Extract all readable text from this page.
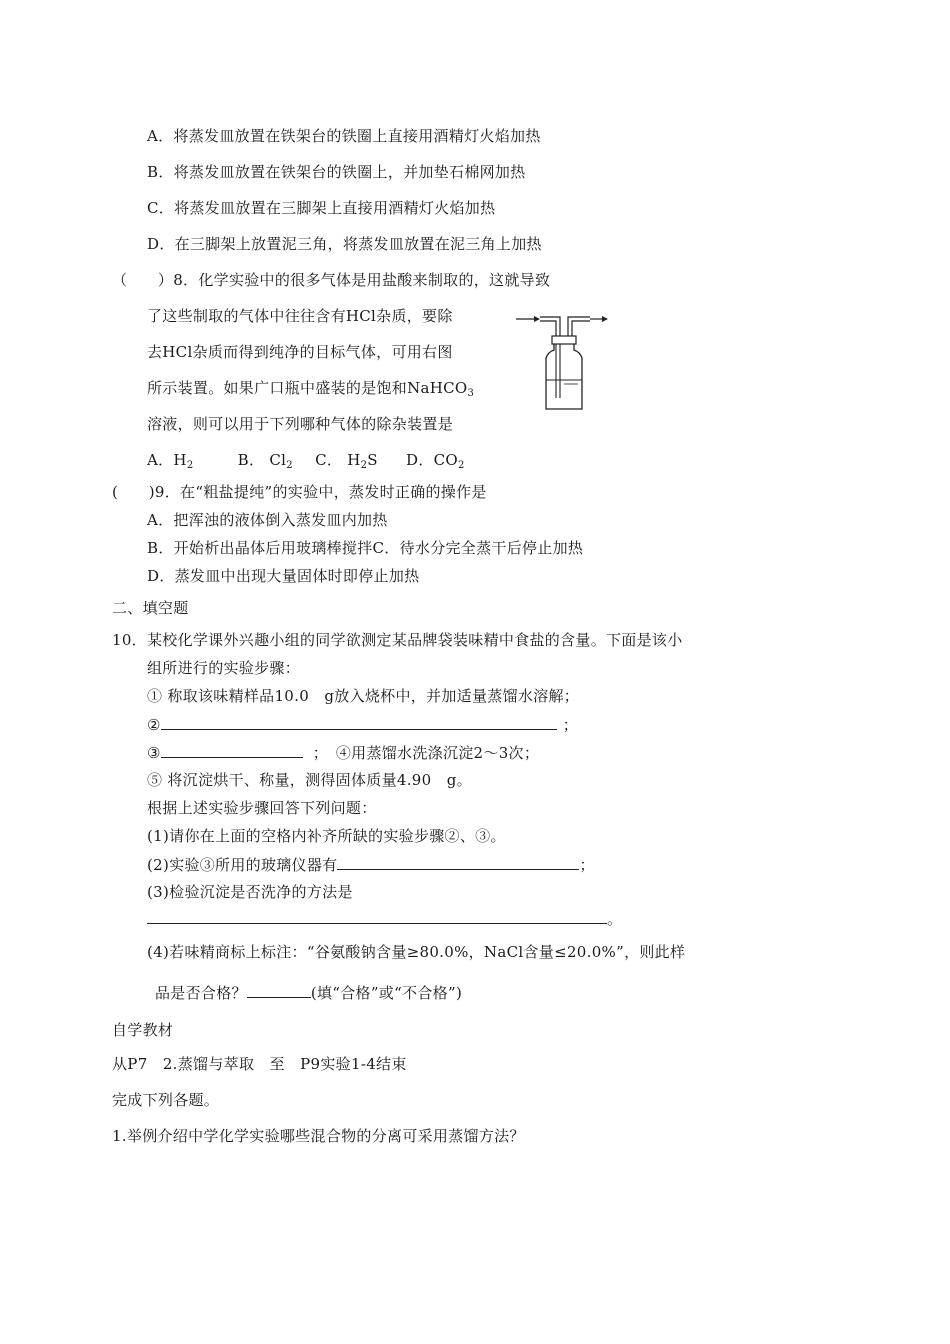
A．将蒸发皿放置在铁架台的铁圈上直接用酒精灯火焰加热
B．将蒸发皿放置在铁架台的铁圈上，并加垫石棉网加热
C．将蒸发皿放置在三脚架上直接用酒精灯火焰加热
D．在三脚架上放置泥三角，将蒸发皿放置在泥三角上加热
（　　）8．化学实验中的很多气体是用盐酸来制取的，这就导致
了这些制取的气体中往往含有HCl杂质，要除
去HCl杂质而得到纯净的目标气体，可用右图
所示装置。如果广口瓶中盛装的是饱和NaHCO$_3$
溶液，则可以用于下列哪种气体的除杂装置是
A．$H_2$	B． $Cl_2$ C． $H_2S$ D．$CO_2$
(　　)9．在“粗盐提纯”的实验中，蒸发时正确的操作是
A．把浑浊的液体倒入蒸发皿内加热
B．开始析出晶体后用玻璃棒搅拌C．待水分完全蒸干后停止加热
D．蒸发皿中出现大量固体时即停止加热
二、填空题
10．某校化学课外兴趣小组的同学欲测定某品牌袋装味精中食盐的含量。下面是该小
组所进行的实验步骤：
① 称取该味精样品10.0　g放入烧杯中，并加适量蒸馏水溶解；
②	；
③	；　④用蒸馏水洗涤沉淀2～3次；
⑤ 将沉淀烘干、称量，测得固体质量4.90　g。
根据上述实验步骤回答下列问题：
(1)请你在上面的空格内补齐所缺的实验步骤②、③。
(2)实验③所用的玻璃仪器有	；
(3)检验沉淀是否洗净的方法是
。
(4)若味精商标上标注：“谷氨酸钠含量≥80.0%，NaCl含量≤20.0%”，则此样
品是否合格？	(填“合格”或“不合格”)
自学教材
从P7　2.蒸馏与萃取　至　P9实验1-4结束
完成下列各题。
1.举例介绍中学化学实验哪些混合物的分离可采用蒸馏方法？
